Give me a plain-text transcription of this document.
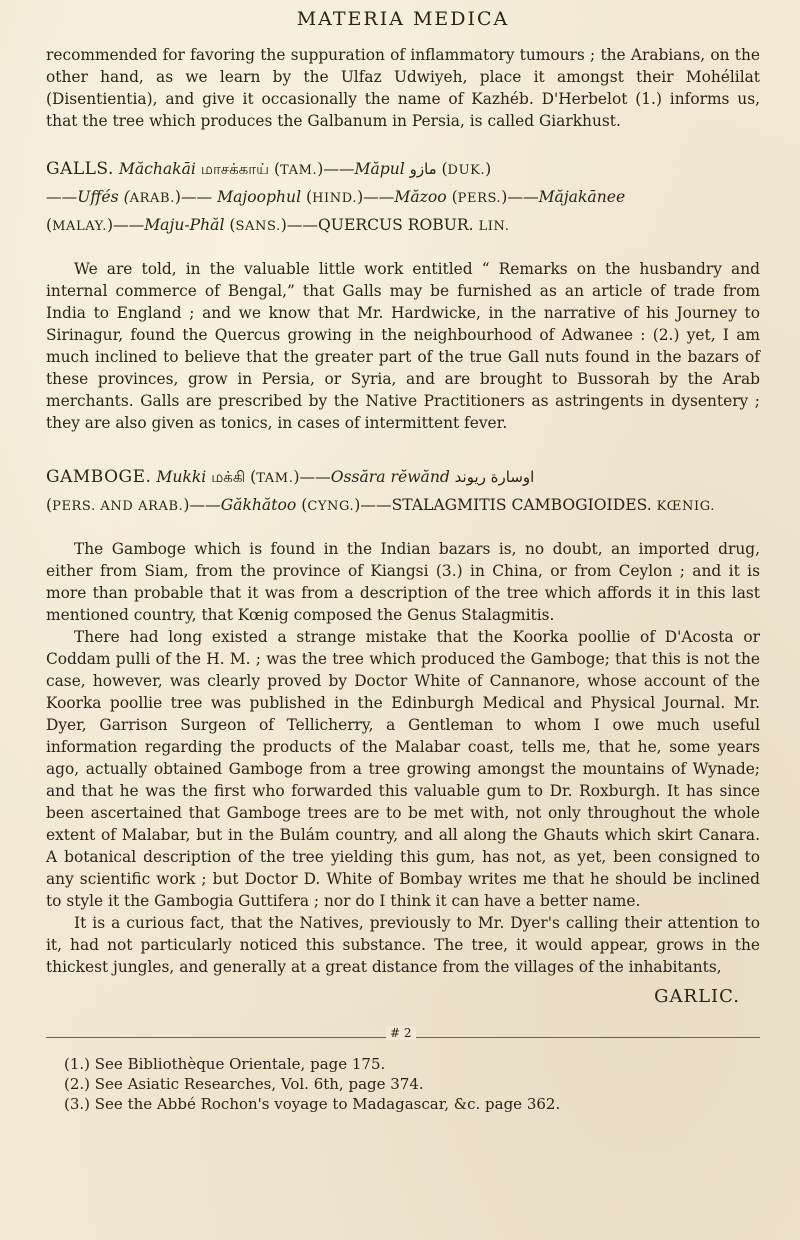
MATERIA MEDICA

recommended for favoring the suppuration of inflammatory tumours ; the Arabians, on the other hand, as we learn by the Ulfaz Udwiyeh, place it amongst their Mohélilat (Disentientia), and give it occasionally the name of Kazhéb. D'Herbelot (1.) informs us, that the tree which produces the Galbanum in Persia, is called Giarkhust.

GALLS. Măchakāi மாசக்காய் (TAM.)——Măpul مازو (DUK.)
——Uffés (ARAB.)—— Majoophul (HIND.)——Măzoo (PERS.)——Măjakānee
(MALAY.)——Maju-Phăl (SANS.)——QUERCUS ROBUR. LIN.

We are told, in the valuable little work entitled “ Remarks on the husbandry and internal commerce of Bengal,” that Galls may be furnished as an article of trade from India to England ; and we know that Mr. Hardwicke, in the narrative of his Journey to Sirinagur, found the Quercus growing in the neighbourhood of Adwanee : (2.) yet, I am much inclined to believe that the greater part of the true Gall nuts found in the bazars of these provinces, grow in Persia, or Syria, and are brought to Bussorah by the Arab merchants. Galls are prescribed by the Native Practitioners as astringents in dysentery ; they are also given as tonics, in cases of intermittent fever.

GAMBOGE. Mukki மக்கி (TAM.)——Ossăra rĕwănd اوسارة ريوند
(PERS. AND ARAB.)——Găkhătoo (CYNG.)——STALAGMITIS CAMBOGIOIDES. KŒNIG.

The Gamboge which is found in the Indian bazars is, no doubt, an imported drug, either from Siam, from the province of Kiangsi (3.) in China, or from Ceylon ; and it is more than probable that it was from a description of the tree which affords it in this last mentioned country, that Kœnig composed the Genus Stalagmitis.

There had long existed a strange mistake that the Koorka poollie of D'Acosta or Coddam pulli of the H. M. ; was the tree which produced the Gamboge; that this is not the case, however, was clearly proved by Doctor White of Cannanore, whose account of the Koorka poollie tree was published in the Edinburgh Medical and Physical Journal. Mr. Dyer, Garrison Surgeon of Tellicherry, a Gentleman to whom I owe much useful information regarding the products of the Malabar coast, tells me, that he, some years ago, actually obtained Gamboge from a tree growing amongst the mountains of Wynade; and that he was the first who forwarded this valuable gum to Dr. Roxburgh. It has since been ascertained that Gamboge trees are to be met with, not only throughout the whole extent of Malabar, but in the Bulám country, and all along the Ghauts which skirt Canara. A botanical description of the tree yielding this gum, has not, as yet, been consigned to any scientific work ; but Doctor D. White of Bombay writes me that he should be inclined to style it the Gambogia Guttifera ; nor do I think it can have a better name.

It is a curious fact, that the Natives, previously to Mr. Dyer's calling their attention to it, had not particularly noticed this substance. The tree, it would appear, grows in the thickest jungles, and generally at a great distance from the villages of the inhabitants,

GARLIC.
# 2
(1.) See Bibliothèque Orientale, page 175.
(2.) See Asiatic Researches, Vol. 6th, page 374.
(3.) See the Abbé Rochon's voyage to Madagascar, &c. page 362.
